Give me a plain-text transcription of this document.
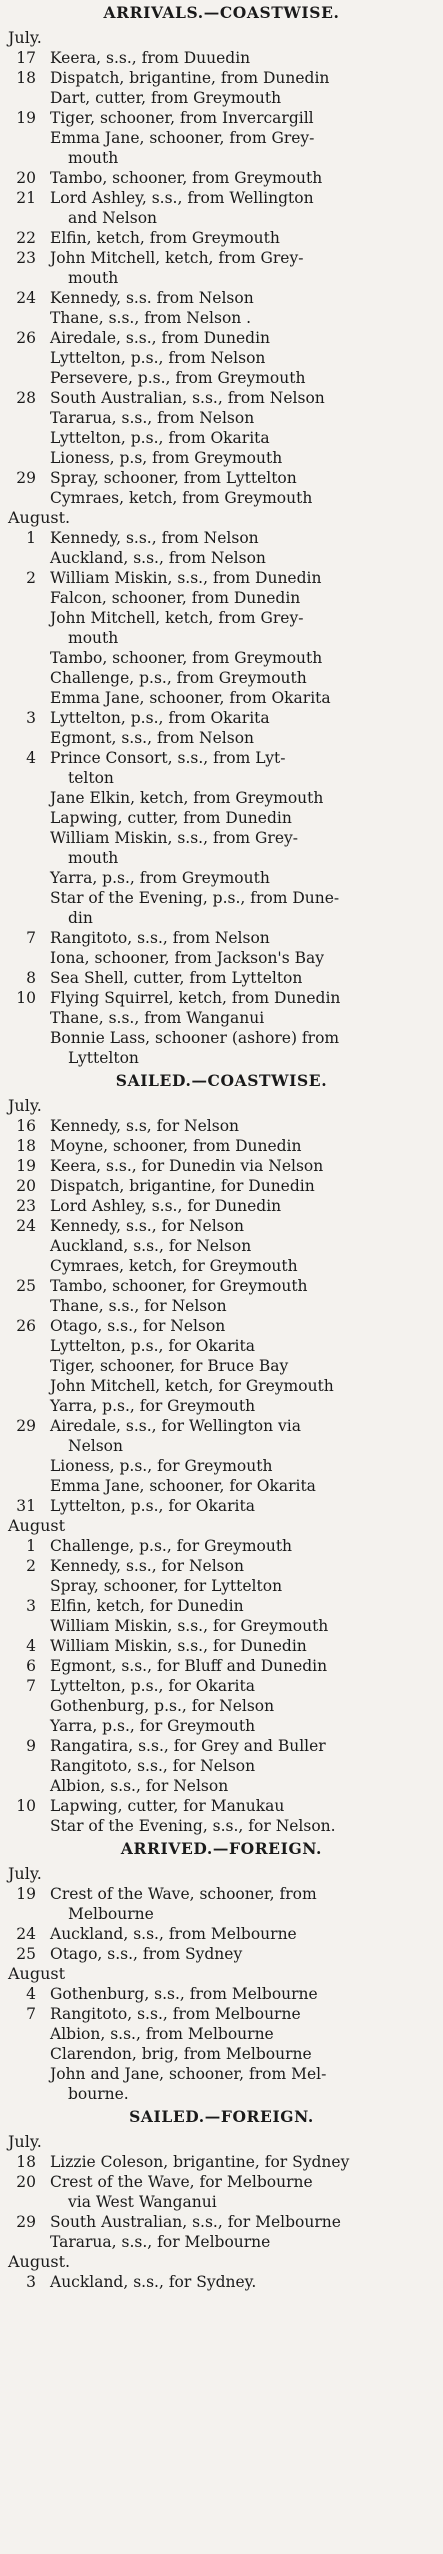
ARRIVALS.—COASTWISE.
July.
17 Keera, s.s., from Duuedin
18 Dispatch, brigantine, from Dunedin
Dart, cutter, from Greymouth
19 Tiger, schooner, from Invercargill
Emma Jane, schooner, from Grey-
mouth
20 Tambo, schooner, from Greymouth
21 Lord Ashley, s.s., from Wellington
and Nelson
22 Elfin, ketch, from Greymouth
23 John Mitchell, ketch, from Grey-
mouth
24 Kennedy, s.s. from Nelson
Thane, s.s., from Nelson .
26 Airedale, s.s., from Dunedin
Lyttelton, p.s., from Nelson
Persevere, p.s., from Greymouth
28 South Australian, s.s., from Nelson
Tararua, s.s., from Nelson
Lyttelton, p.s., from Okarita
Lioness, p.s, from Greymouth
29 Spray, schooner, from Lyttelton
Cymraes, ketch, from Greymouth
August.
1 Kennedy, s.s., from Nelson
Auckland, s.s., from Nelson
2 William Miskin, s.s., from Dunedin
Falcon, schooner, from Dunedin
John Mitchell, ketch, from Grey-
mouth
Tambo, schooner, from Greymouth
Challenge, p.s., from Greymouth
Emma Jane, schooner, from Okarita
3 Lyttelton, p.s., from Okarita
Egmont, s.s., from Nelson
4 Prince Consort, s.s., from Lyt-
telton
Jane Elkin, ketch, from Greymouth
Lapwing, cutter, from Dunedin
William Miskin, s.s., from Grey-
mouth
Yarra, p.s., from Greymouth
Star of the Evening, p.s., from Dune-
din
7 Rangitoto, s.s., from Nelson
Iona, schooner, from Jackson's Bay
8 Sea Shell, cutter, from Lyttelton
10 Flying Squirrel, ketch, from Dunedin
Thane, s.s., from Wanganui
Bonnie Lass, schooner (ashore) from
Lyttelton
SAILED.—COASTWISE.
July.
16 Kennedy, s.s, for Nelson
18 Moyne, schooner, from Dunedin
19 Keera, s.s., for Dunedin via Nelson
20 Dispatch, brigantine, for Dunedin
23 Lord Ashley, s.s., for Dunedin
24 Kennedy, s.s., for Nelson
Auckland, s.s., for Nelson
Cymraes, ketch, for Greymouth
25 Tambo, schooner, for Greymouth
Thane, s.s., for Nelson
26 Otago, s.s., for Nelson
Lyttelton, p.s., for Okarita
Tiger, schooner, for Bruce Bay
John Mitchell, ketch, for Greymouth
Yarra, p.s., for Greymouth
29 Airedale, s.s., for Wellington via
Nelson
Lioness, p.s., for Greymouth
Emma Jane, schooner, for Okarita
31 Lyttelton, p.s., for Okarita
August
1 Challenge, p.s., for Greymouth
2 Kennedy, s.s., for Nelson
Spray, schooner, for Lyttelton
3 Elfin, ketch, for Dunedin
William Miskin, s.s., for Greymouth
4 William Miskin, s.s., for Dunedin
6 Egmont, s.s., for Bluff and Dunedin
7 Lyttelton, p.s., for Okarita
Gothenburg, p.s., for Nelson
Yarra, p.s., for Greymouth
9 Rangatira, s.s., for Grey and Buller
Rangitoto, s.s., for Nelson
Albion, s.s., for Nelson
10 Lapwing, cutter, for Manukau
Star of the Evening, s.s., for Nelson.
ARRIVED.—FOREIGN.
July.
19 Crest of the Wave, schooner, from
Melbourne
24 Auckland, s.s., from Melbourne
25 Otago, s.s., from Sydney
August
4 Gothenburg, s.s., from Melbourne
7 Rangitoto, s.s., from Melbourne
Albion, s.s., from Melbourne
Clarendon, brig, from Melbourne
John and Jane, schooner, from Mel-
bourne.
SAILED.—FOREIGN.
July.
18 Lizzie Coleson, brigantine, for Sydney
20 Crest of the Wave, for Melbourne
via West Wanganui
29 South Australian, s.s., for Melbourne
Tararua, s.s., for Melbourne
August.
3 Auckland, s.s., for Sydney.
